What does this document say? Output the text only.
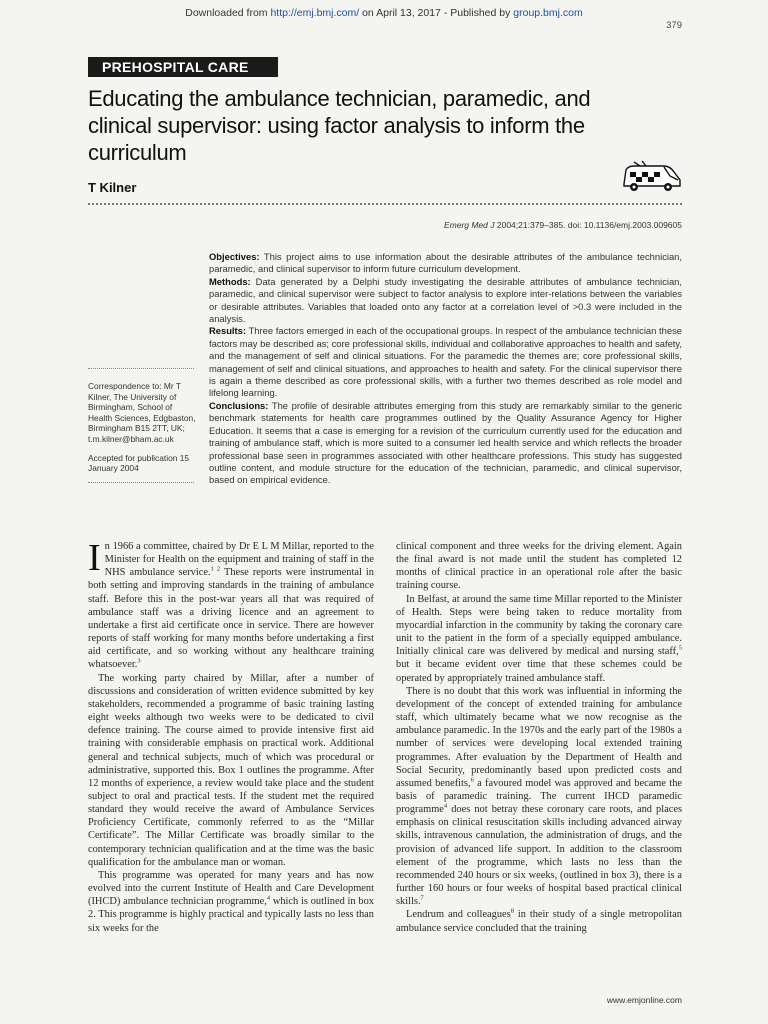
Downloaded from http://emj.bmj.com/ on April 13, 2017 - Published by group.bmj.com
379
PREHOSPITAL CARE
Educating the ambulance technician, paramedic, and clinical supervisor: using factor analysis to inform the curriculum
T Kilner
Emerg Med J 2004;21:379–385. doi: 10.1136/emj.2003.009605

Objectives: This project aims to use information about the desirable attributes of the ambulance technician, paramedic, and clinical supervisor to inform future curriculum development.

Methods: Data generated by a Delphi study investigating the desirable attributes of ambulance technician, paramedic, and clinical supervisor were subject to factor analysis to explore inter-relations between the variables or desirable attributes. Variables that loaded onto any factor at a correlation level of >0.3 were included in the analysis.

Results: Three factors emerged in each of the occupational groups. In respect of the ambulance technician these factors may be described as; core professional skills, individual and collaborative approaches to health and safety, and the management of self and clinical situations. For the paramedic the themes are; core professional skills, management of self and clinical situations, and approaches to health and safety. For the clinical supervisor there is again a theme described as core professional skills, with a further two themes described as role model and lifelong learning.

Conclusions: The profile of desirable attributes emerging from this study are remarkably similar to the generic benchmark statements for health care programmes outlined by the Quality Assurance Agency for Higher Education. It seems that a case is emerging for a revision of the curriculum currently used for the education and training of ambulance staff, which is more suited to a consumer led health service and which reflects the broader professional base seen in programmes associated with other healthcare professions. This study has suggested outline content, and module structure for the education of the technician, paramedic, and clinical supervisor, based on empirical evidence.

Correspondence to: Mr T Kilner, The University of Birmingham, School of Health Sciences, Edgbaston, Birmingham B15 2TT, UK; t.m.kilner@bham.ac.uk

Accepted for publication 15 January 2004

In 1966 a committee, chaired by Dr E L M Millar, reported to the Minister for Health on the equipment and training of staff in the NHS ambulance service.$^{1 2}$ These reports were instrumental in both setting and improving standards in the training of ambulance staff. Before this in the post-war years all that was required of ambulance staff was a driving licence and an agreement to undertake a first aid certificate once in service. There are however reports of staff working for many months before undertaking a first aid certificate, and so working without any healthcare training whatsoever.$^3$

The working party chaired by Millar, after a number of discussions and consideration of written evidence submitted by key stakeholders, recommended a programme of basic training lasting eight weeks although two weeks were to be dedicated to civil defence training. The course aimed to provide intensive first aid training with considerable emphasis on practical work. Additional general and technical subjects, much of which was procedural or administrative, supported this. Box 1 outlines the programme. After 12 months of experience, a review would take place and the student subject to oral and practical tests. If the student met the required standard they would receive the award of Ambulance Services Proficiency Certificate, commonly referred to as the “Millar Certificate”. The Millar Certificate was broadly similar to the contemporary technician qualification and at the time was the basic qualification for the ambulance man or woman.

This programme was operated for many years and has now evolved into the current Institute of Health and Care Development (IHCD) ambulance technician programme,$^4$ which is outlined in box 2. This programme is highly practical and typically lasts no less than six weeks for the

clinical component and three weeks for the driving element. Again the final award is not made until the student has completed 12 months of clinical practice in an operational role after the basic training course.

In Belfast, at around the same time Millar reported to the Minister of Health. Steps were being taken to reduce mortality from myocardial infarction in the community by taking the coronary care unit to the patient in the form of a specially equipped ambulance. Initially clinical care was delivered by medical and nursing staff,$^5$ but it became evident over time that these schemes could be operated by appropriately trained ambulance staff.

There is no doubt that this work was influential in informing the development of the concept of extended training for ambulance staff, which ultimately became what we now recognise as the ambulance paramedic. In the 1970s and the early part of the 1980s a number of services were developing local extended training programmes. After evaluation by the Department of Health and Social Security, predominantly based upon predicted costs and assumed benefits,$^6$ a favoured model was approved and became the basis of paramedic training. The current IHCD paramedic programme$^4$ does not betray these coronary care roots, and places emphasis on clinical resuscitation skills including advanced airway skills, intravenous cannulation, the administration of drugs, and the provision of advanced life support. In addition to the classroom element of the programme, which lasts no less than the recommended 240 hours or six weeks, (outlined in box 3), there is a further 160 hours or four weeks of hospital based practical clinical skills.$^7$

Lendrum and colleagues$^8$ in their study of a single metropolitan ambulance service concluded that the training

www.emjonline.com
